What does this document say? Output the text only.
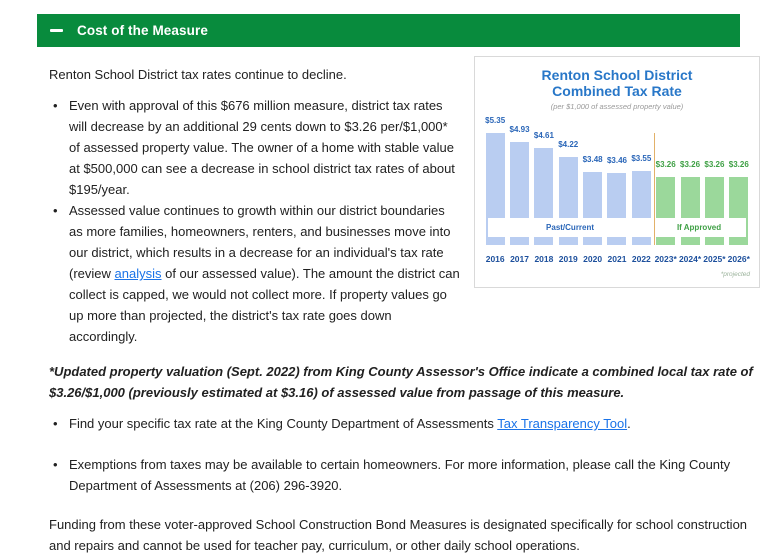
Cost of the Measure
Renton School District
Combined Tax Rate
(per $1,000 of assessed property value)
Past/Current	If Approved
$5.35
$4.93
$4.61
$4.22
$3.48 $3.46 $3.55
$3.26 $3.26 $3.26 $3.26
2016 2017 2018 2019 2020 2021 2022 2023* 2024* 2025* 2026*
*projected

Renton School District tax rates continue to decline.

• Even with approval of this $676 million measure, district tax rates will decrease by an additional 29 cents down to $3.26 per/$1,000* of assessed property value. The owner of a home with stable value at $500,000 can see a decrease in school district tax rates of about $195/year.
• Assessed value continues to growth within our district boundaries as more families, homeowners, renters, and businesses move into our district, which results in a decrease for an individual's tax rate (review analysis of our assessed value). The amount the district can collect is capped, we would not collect more. If property values go up more than projected, the district's tax rate goes down accordingly.

*Updated property valuation (Sept. 2022) from King County Assessor's Office indicate a combined local tax rate of $3.26/$1,000 (previously estimated at $3.16) of assessed value from passage of this measure.

• Find your specific tax rate at the King County Department of Assessments Tax Transparency Tool.
• Exemptions from taxes may be available to certain homeowners. For more information, please call the King County Department of Assessments at (206) 296-3920.

Funding from these voter-approved School Construction Bond Measures is designated specifically for school construction and repairs and cannot be used for teacher pay, curriculum, or other daily school operations.
